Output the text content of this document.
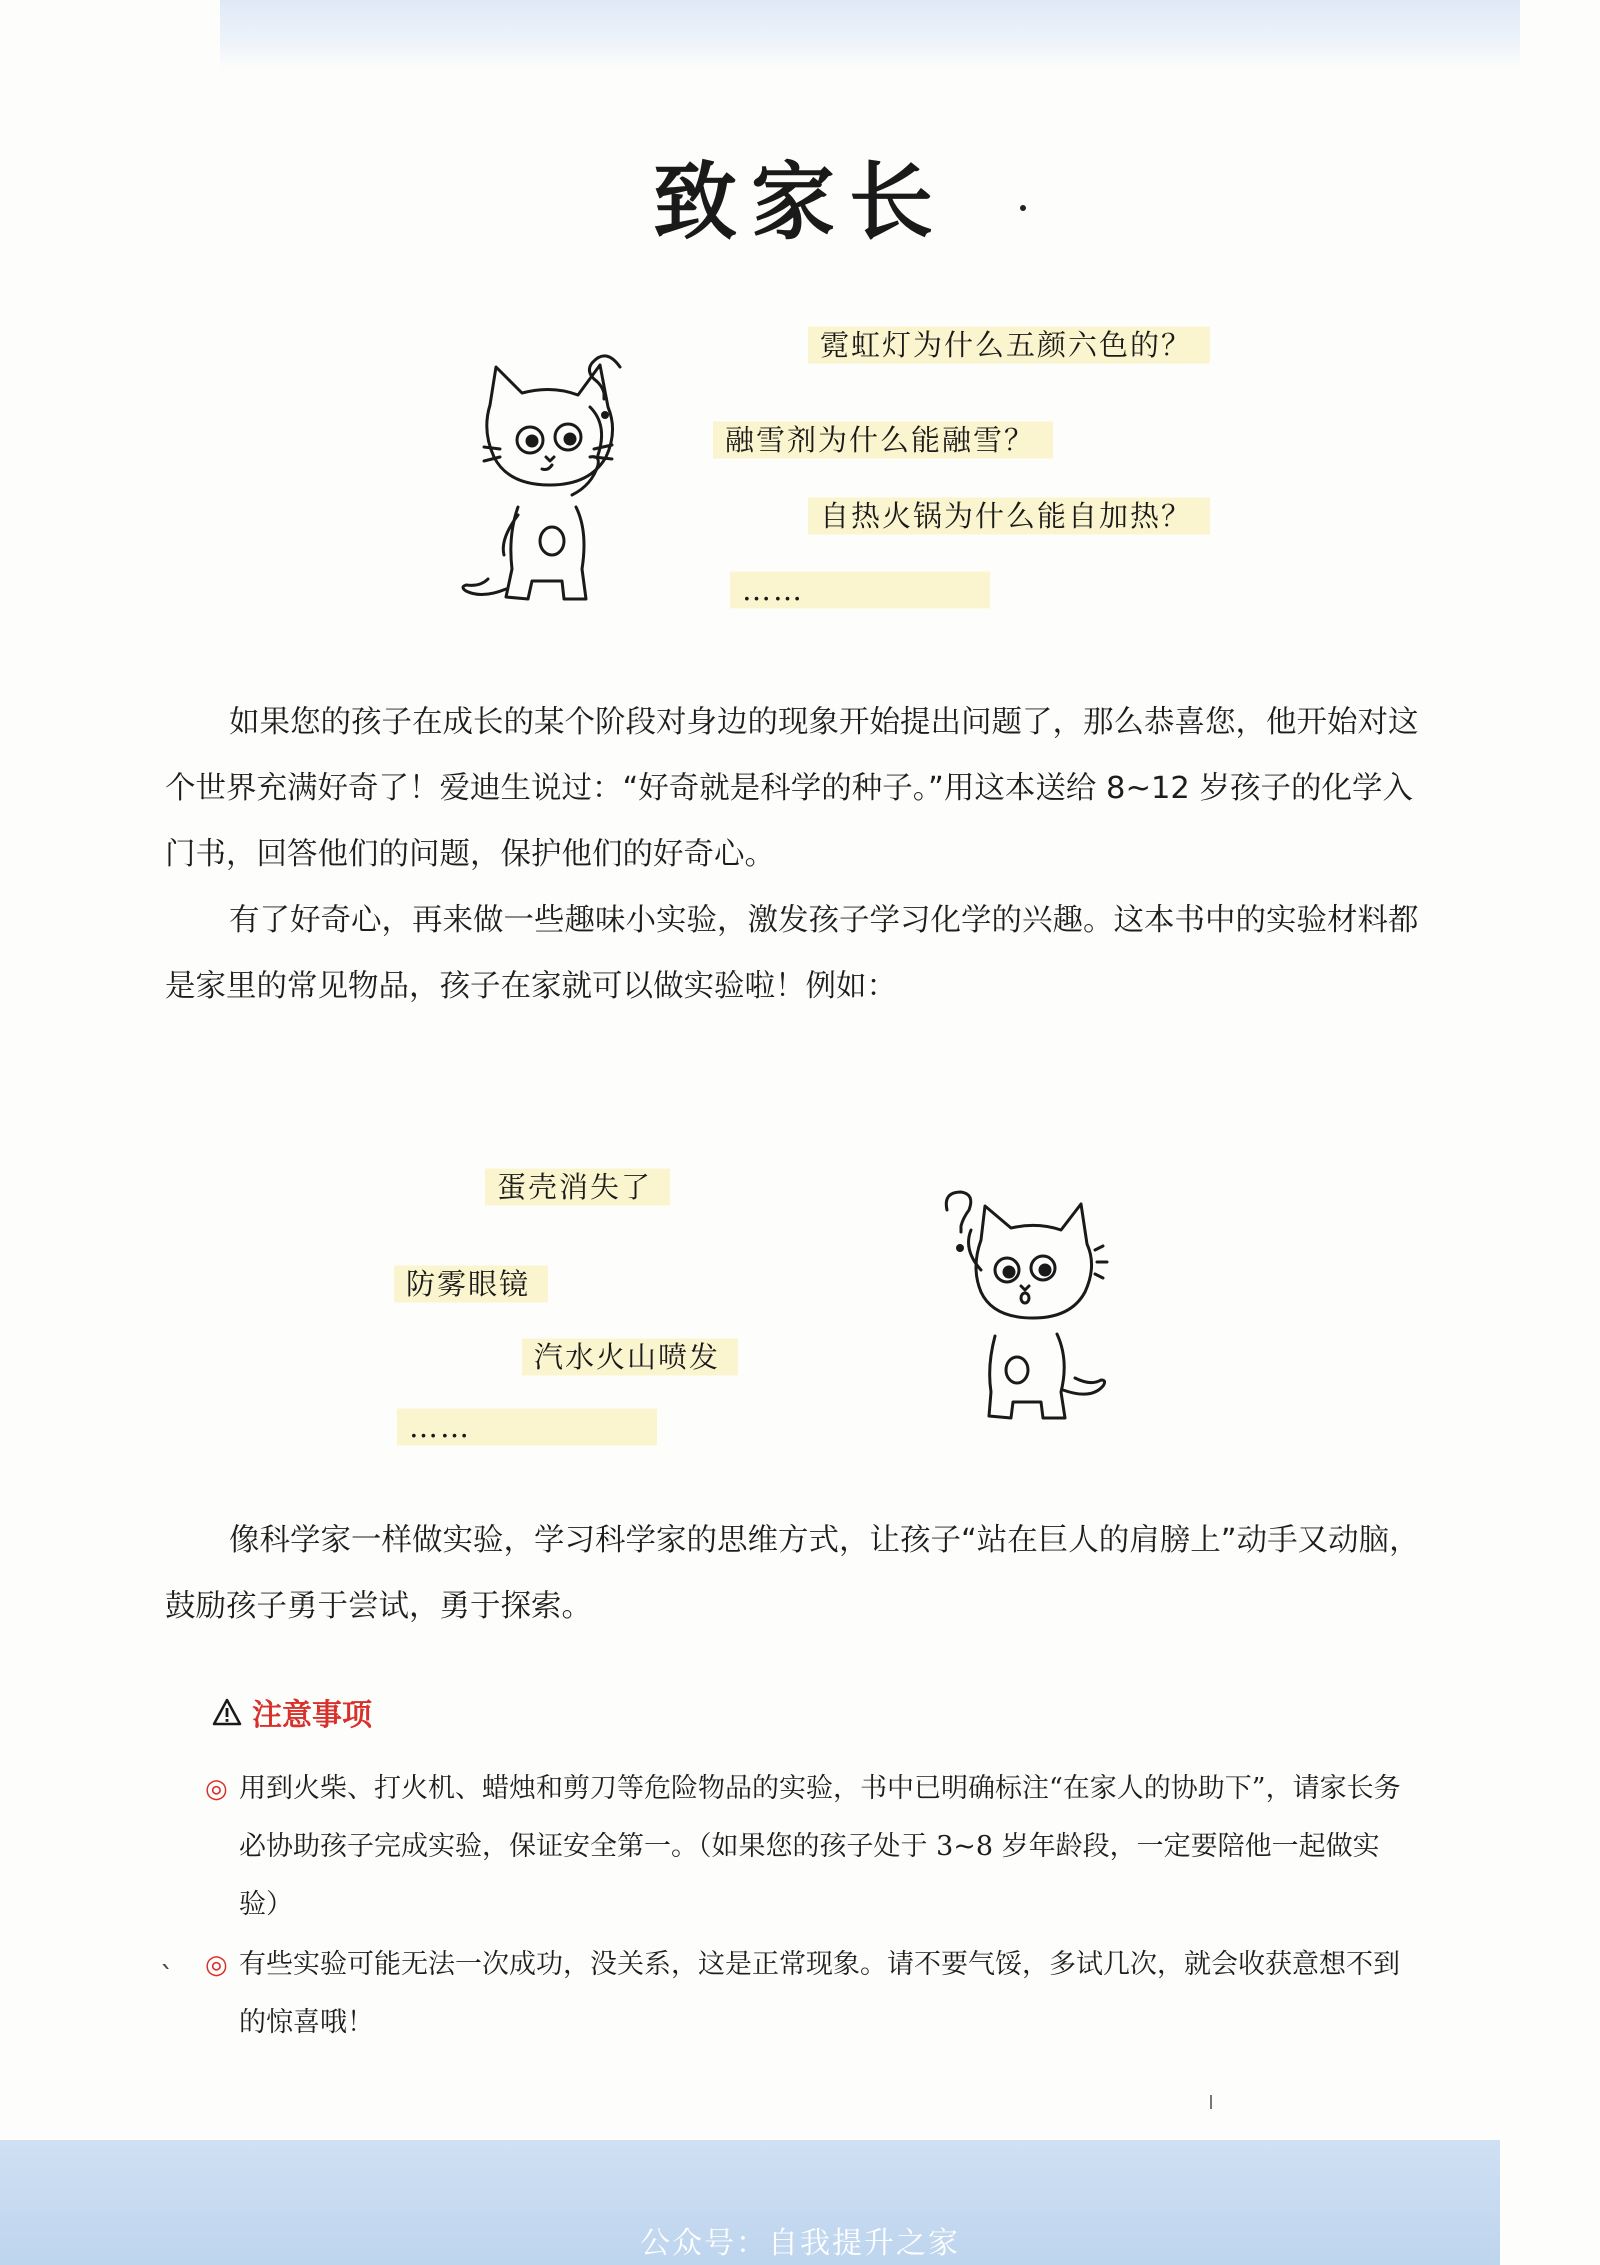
致家长
霓虹灯为什么五颜六色的？
融雪剂为什么能融雪？
自热火锅为什么能自加热？
……

如果您的孩子在成长的某个阶段对身边的现象开始提出问题了，那么恭喜您，他开始对这个世界充满好奇了！爱迪生说过：“好奇就是科学的种子。”用这本送给 8~12 岁孩子的化学入门书，回答他们的问题，保护他们的好奇心。

有了好奇心，再来做一些趣味小实验，激发孩子学习化学的兴趣。这本书中的实验材料都是家里的常见物品，孩子在家就可以做实验啦！例如：

蛋壳消失了
防雾眼镜
汽水火山喷发
……

像科学家一样做实验，学习科学家的思维方式，让孩子“站在巨人的肩膀上”动手又动脑，鼓励孩子勇于尝试，勇于探索。

注意事项
◎ 用到火柴、打火机、蜡烛和剪刀等危险物品的实验，书中已明确标注“在家人的协助下”，请家长务必协助孩子完成实验，保证安全第一。（如果您的孩子处于 3~8 岁年龄段，一定要陪他一起做实验）
◎ 有些实验可能无法一次成功，没关系，这是正常现象。请不要气馁，多试几次，就会收获意想不到的惊喜哦！
`
公众号：自我提升之家
